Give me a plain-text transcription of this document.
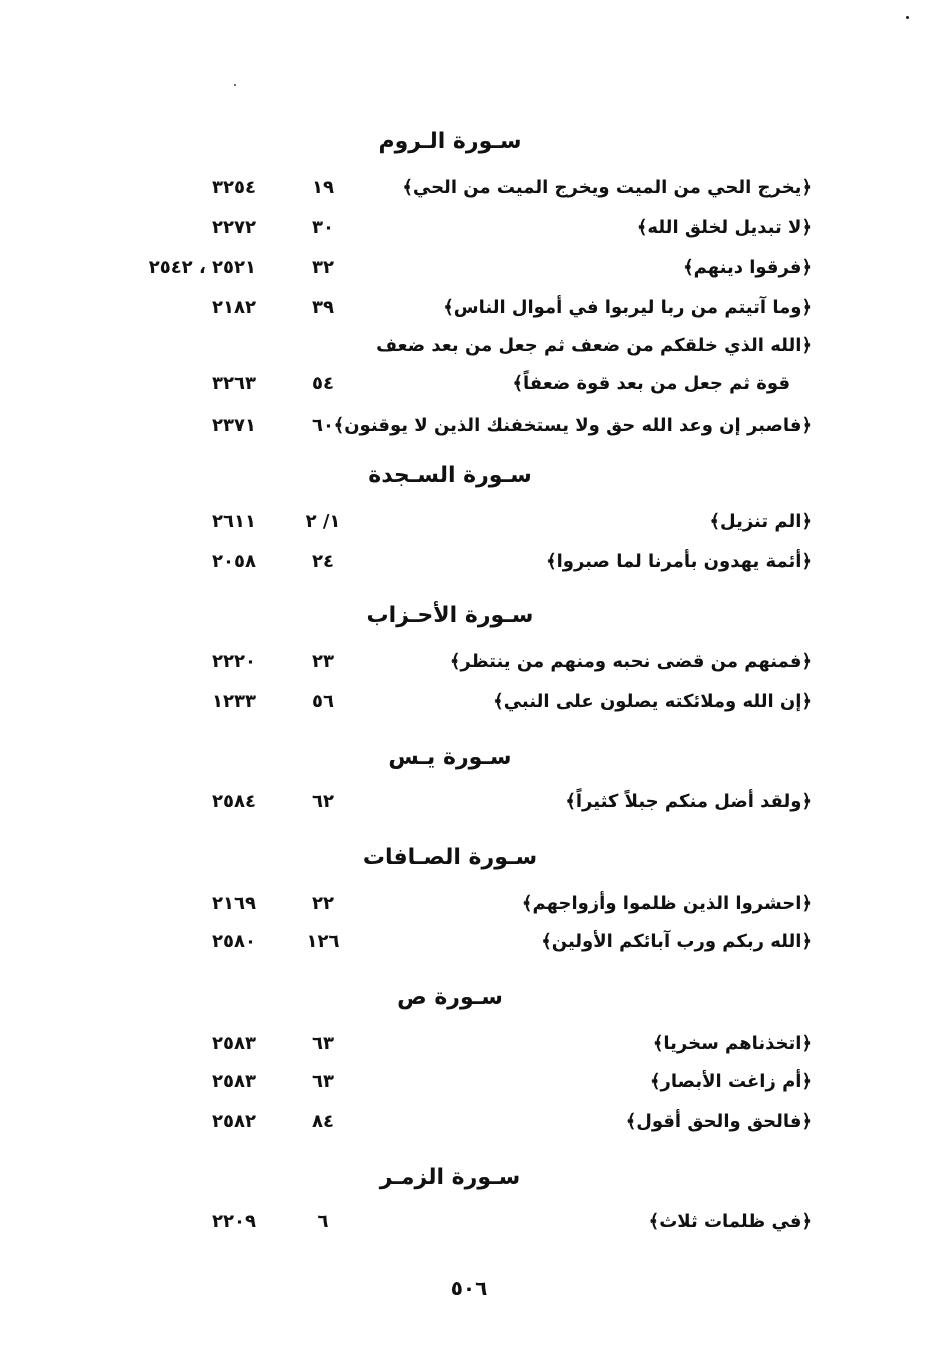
سـورة الـروم
﴿يخرج الحي من الميت ويخرج الميت من الحي﴾
١٩
٣٢٥٤
﴿لا تبديل لخلق الله﴾
٣٠
٢٢٧٢
﴿فرقوا دينهم﴾
٣٢
٢٥٢١ ، ٢٥٤٢
﴿وما آتيتم من ربا ليربوا في أموال الناس﴾
٣٩
٢١٨٢
﴿الله الذي خلقكم من ضعف ثم جعل من بعد ضعف
قوة ثم جعل من بعد قوة ضعفاً﴾
٥٤
٣٢٦٣
﴿فاصبر إن وعد الله حق ولا يستخفنك الذين لا يوقنون﴾
٦٠
٢٣٧١
سـورة السـجدة
﴿الم تنزيل﴾
١/ ٢
٢٦١١
﴿أئمة يهدون بأمرنا لما صبروا﴾
٢٤
٢٠٥٨
سـورة الأحـزاب
﴿فمنهم من قضى نحبه ومنهم من ينتظر﴾
٢٣
٢٢٢٠
﴿إن الله وملائكته يصلون على النبي﴾
٥٦
١٢٣٣
سـورة يـس
﴿ولقد أضل منكم جبلاً كثيراً﴾
٦٢
٢٥٨٤
سـورة الصـافات
﴿احشروا الذين ظلموا وأزواجهم﴾
٢٢
٢١٦٩
﴿الله ربكم ورب آبائكم الأولين﴾
١٢٦
٢٥٨٠
سـورة ص
﴿اتخذناهم سخريا﴾
٦٣
٢٥٨٣
﴿أم زاغت الأبصار﴾
٦٣
٢٥٨٣
﴿فالحق والحق أقول﴾
٨٤
٢٥٨٢
سـورة الزمـر
﴿في ظلمات ثلاث﴾
٦
٢٢٠٩
٥٠٦
